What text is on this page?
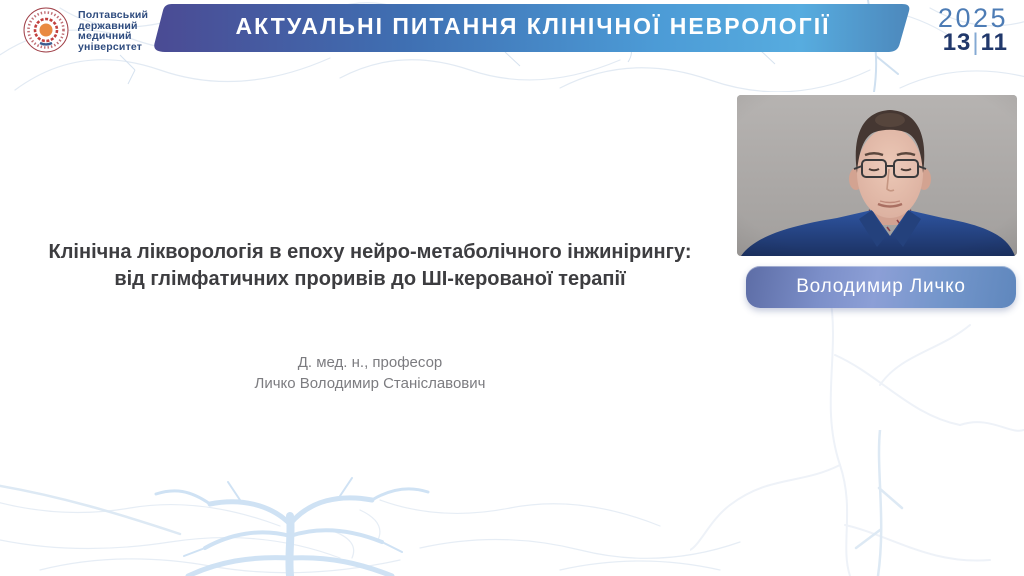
Полтавський
державний
медичний
університет
АКТУАЛЬНІ ПИТАННЯ КЛІНІЧНОЇ НЕВРОЛОГІЇ	2025
13|11
Клінічна лікворологія в епоху нейро-метаболічного інжинірингу:
від глімфатичних проривів до ШІ-керованої терапії
Д. мед. н., професор
Личко Володимир Станіславович
Володимир Личко
